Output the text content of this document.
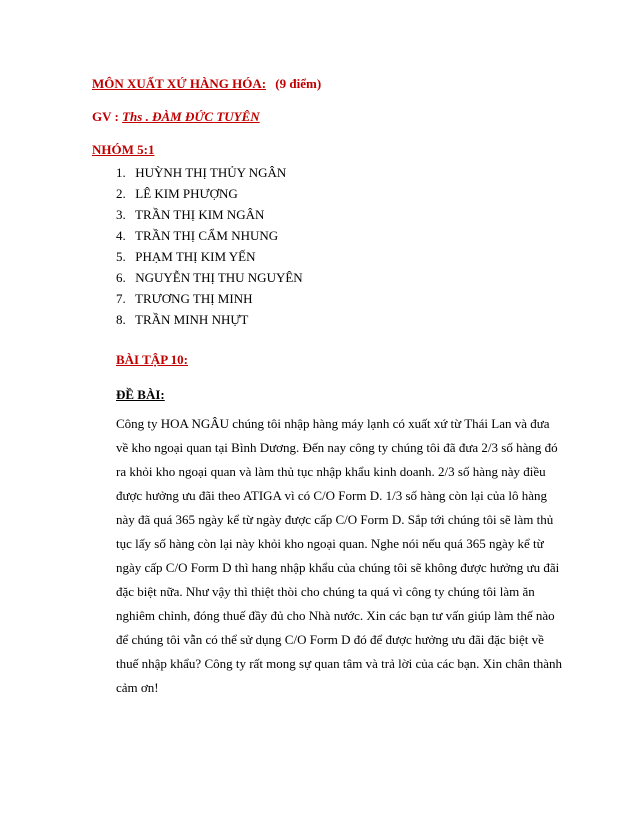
MÔN XUẤT XỨ HÀNG HÓA: (9 điểm)
GV : Ths . ĐÀM ĐỨC TUYÊN
NHÓM 5:1
1. HUỲNH THỊ THỦY NGÂN
2. LÊ KIM PHƯỢNG
3. TRẦN THỊ KIM NGÂN
4. TRẦN THỊ CẨM NHUNG
5. PHẠM THỊ KIM YẾN
6. NGUYỄN THỊ THU NGUYÊN
7. TRƯƠNG THỊ MINH
8. TRẦN MINH NHỰT
BÀI TẬP 10:
ĐỀ BÀI:

Công ty HOA NGÂU chúng tôi nhập hàng máy lạnh có xuất xứ từ Thái Lan và đưa
về kho ngoại quan tại Bình Dương. Đến nay công ty chúng tôi đã đưa 2/3 số hàng đó
ra khỏi kho ngoại quan và làm thủ tục nhập khẩu kinh doanh. 2/3 số hàng này điều
được hưởng ưu đãi theo ATIGA vì có C/O Form D. 1/3 số hàng còn lại của lô hàng
này đã quá 365 ngày kể từ ngày được cấp C/O Form D. Sắp tới chúng tôi sẽ làm thủ
tục lấy số hàng còn lại này khỏi kho ngoại quan. Nghe nói nếu quá 365 ngày kể từ
ngày cấp C/O Form D thì hang nhập khẩu của chúng tôi sẽ không được hưởng ưu đãi
đặc biệt nữa. Như vậy thì thiệt thòi cho chúng ta quá vì công ty chúng tôi làm ăn
nghiêm chỉnh, đóng thuế đầy đủ cho Nhà nước. Xin các bạn tư vấn giúp làm thế nào
để chúng tôi vẫn có thể sử dụng C/O Form D đó để được hưởng ưu đãi đặc biệt về
thuế nhập khẩu? Công ty rất mong sự quan tâm và trả lời của các bạn. Xin chân thành
cảm ơn!
